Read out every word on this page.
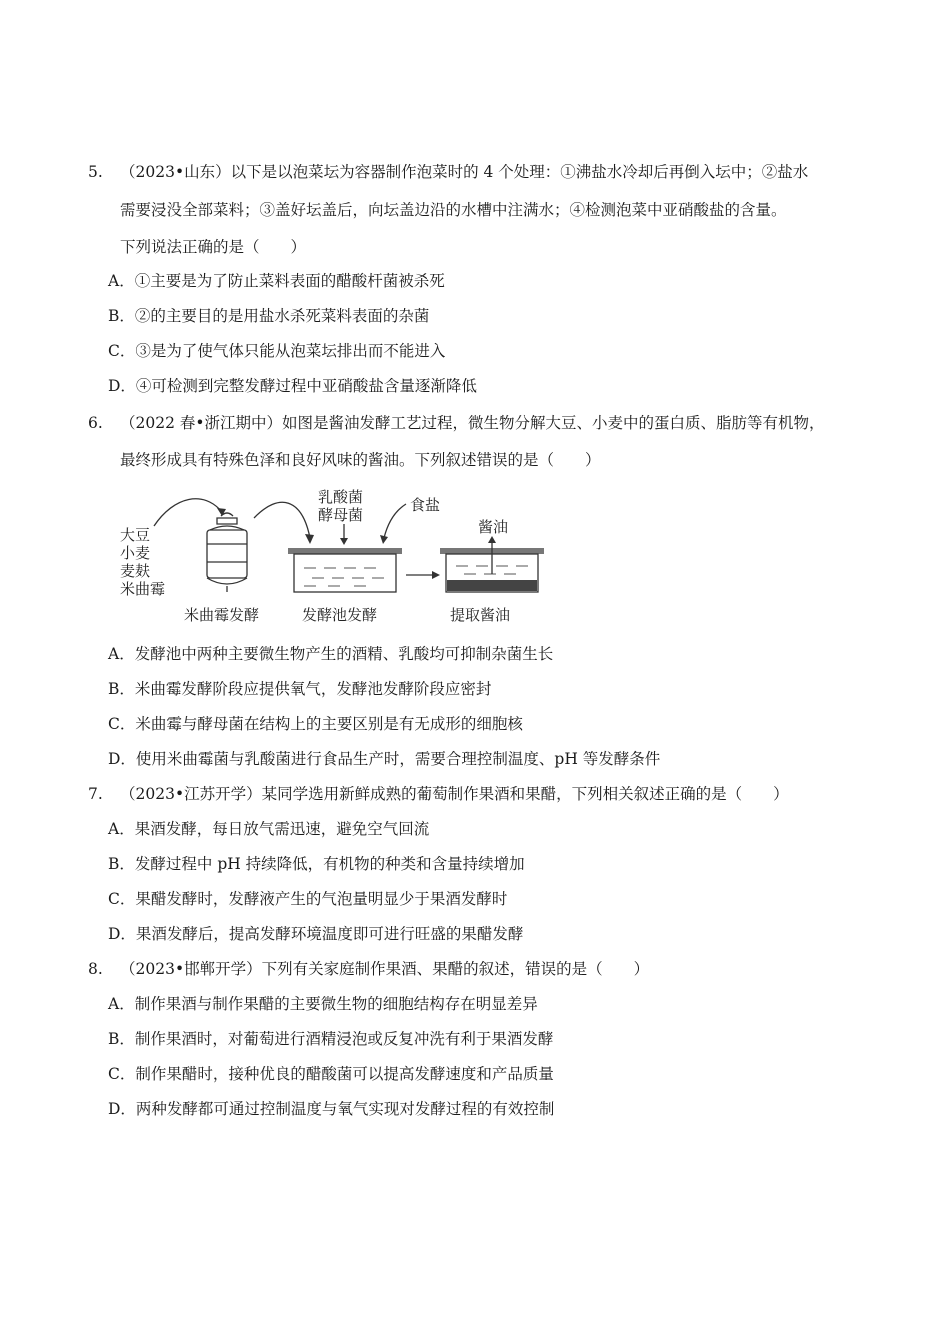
5. （2023•山东）以下是以泡菜坛为容器制作泡菜时的 4 个处理：①沸盐水冷却后再倒入坛中；②盐水
需要浸没全部菜料；③盖好坛盖后，向坛盖边沿的水槽中注满水；④检测泡菜中亚硝酸盐的含量。
下列说法正确的是（　　）
A．①主要是为了防止菜料表面的醋酸杆菌被杀死
B．②的主要目的是用盐水杀死菜料表面的杂菌
C．③是为了使气体只能从泡菜坛排出而不能进入
D．④可检测到完整发酵过程中亚硝酸盐含量逐渐降低
6. （2022 春•浙江期中）如图是酱油发酵工艺过程，微生物分解大豆、小麦中的蛋白质、脂肪等有机物，
最终形成具有特殊色泽和良好风味的酱油。下列叙述错误的是（　　）
大豆
小麦
麦麸
米曲霉
米曲霉发酵
乳酸菌
酵母菌
食盐
发酵池发酵
酱油
提取酱油
A．发酵池中两种主要微生物产生的酒精、乳酸均可抑制杂菌生长
B．米曲霉发酵阶段应提供氧气，发酵池发酵阶段应密封
C．米曲霉与酵母菌在结构上的主要区别是有无成形的细胞核
D．使用米曲霉菌与乳酸菌进行食品生产时，需要合理控制温度、pH 等发酵条件
7. （2023•江苏开学）某同学选用新鲜成熟的葡萄制作果酒和果醋，下列相关叙述正确的是（　　）
A．果酒发酵，每日放气需迅速，避免空气回流
B．发酵过程中 pH 持续降低，有机物的种类和含量持续增加
C．果醋发酵时，发酵液产生的气泡量明显少于果酒发酵时
D．果酒发酵后，提高发酵环境温度即可进行旺盛的果醋发酵
8. （2023•邯郸开学）下列有关家庭制作果酒、果醋的叙述，错误的是（　　）
A．制作果酒与制作果醋的主要微生物的细胞结构存在明显差异
B．制作果酒时，对葡萄进行酒精浸泡或反复冲洗有利于果酒发酵
C．制作果醋时，接种优良的醋酸菌可以提高发酵速度和产品质量
D．两种发酵都可通过控制温度与氧气实现对发酵过程的有效控制
